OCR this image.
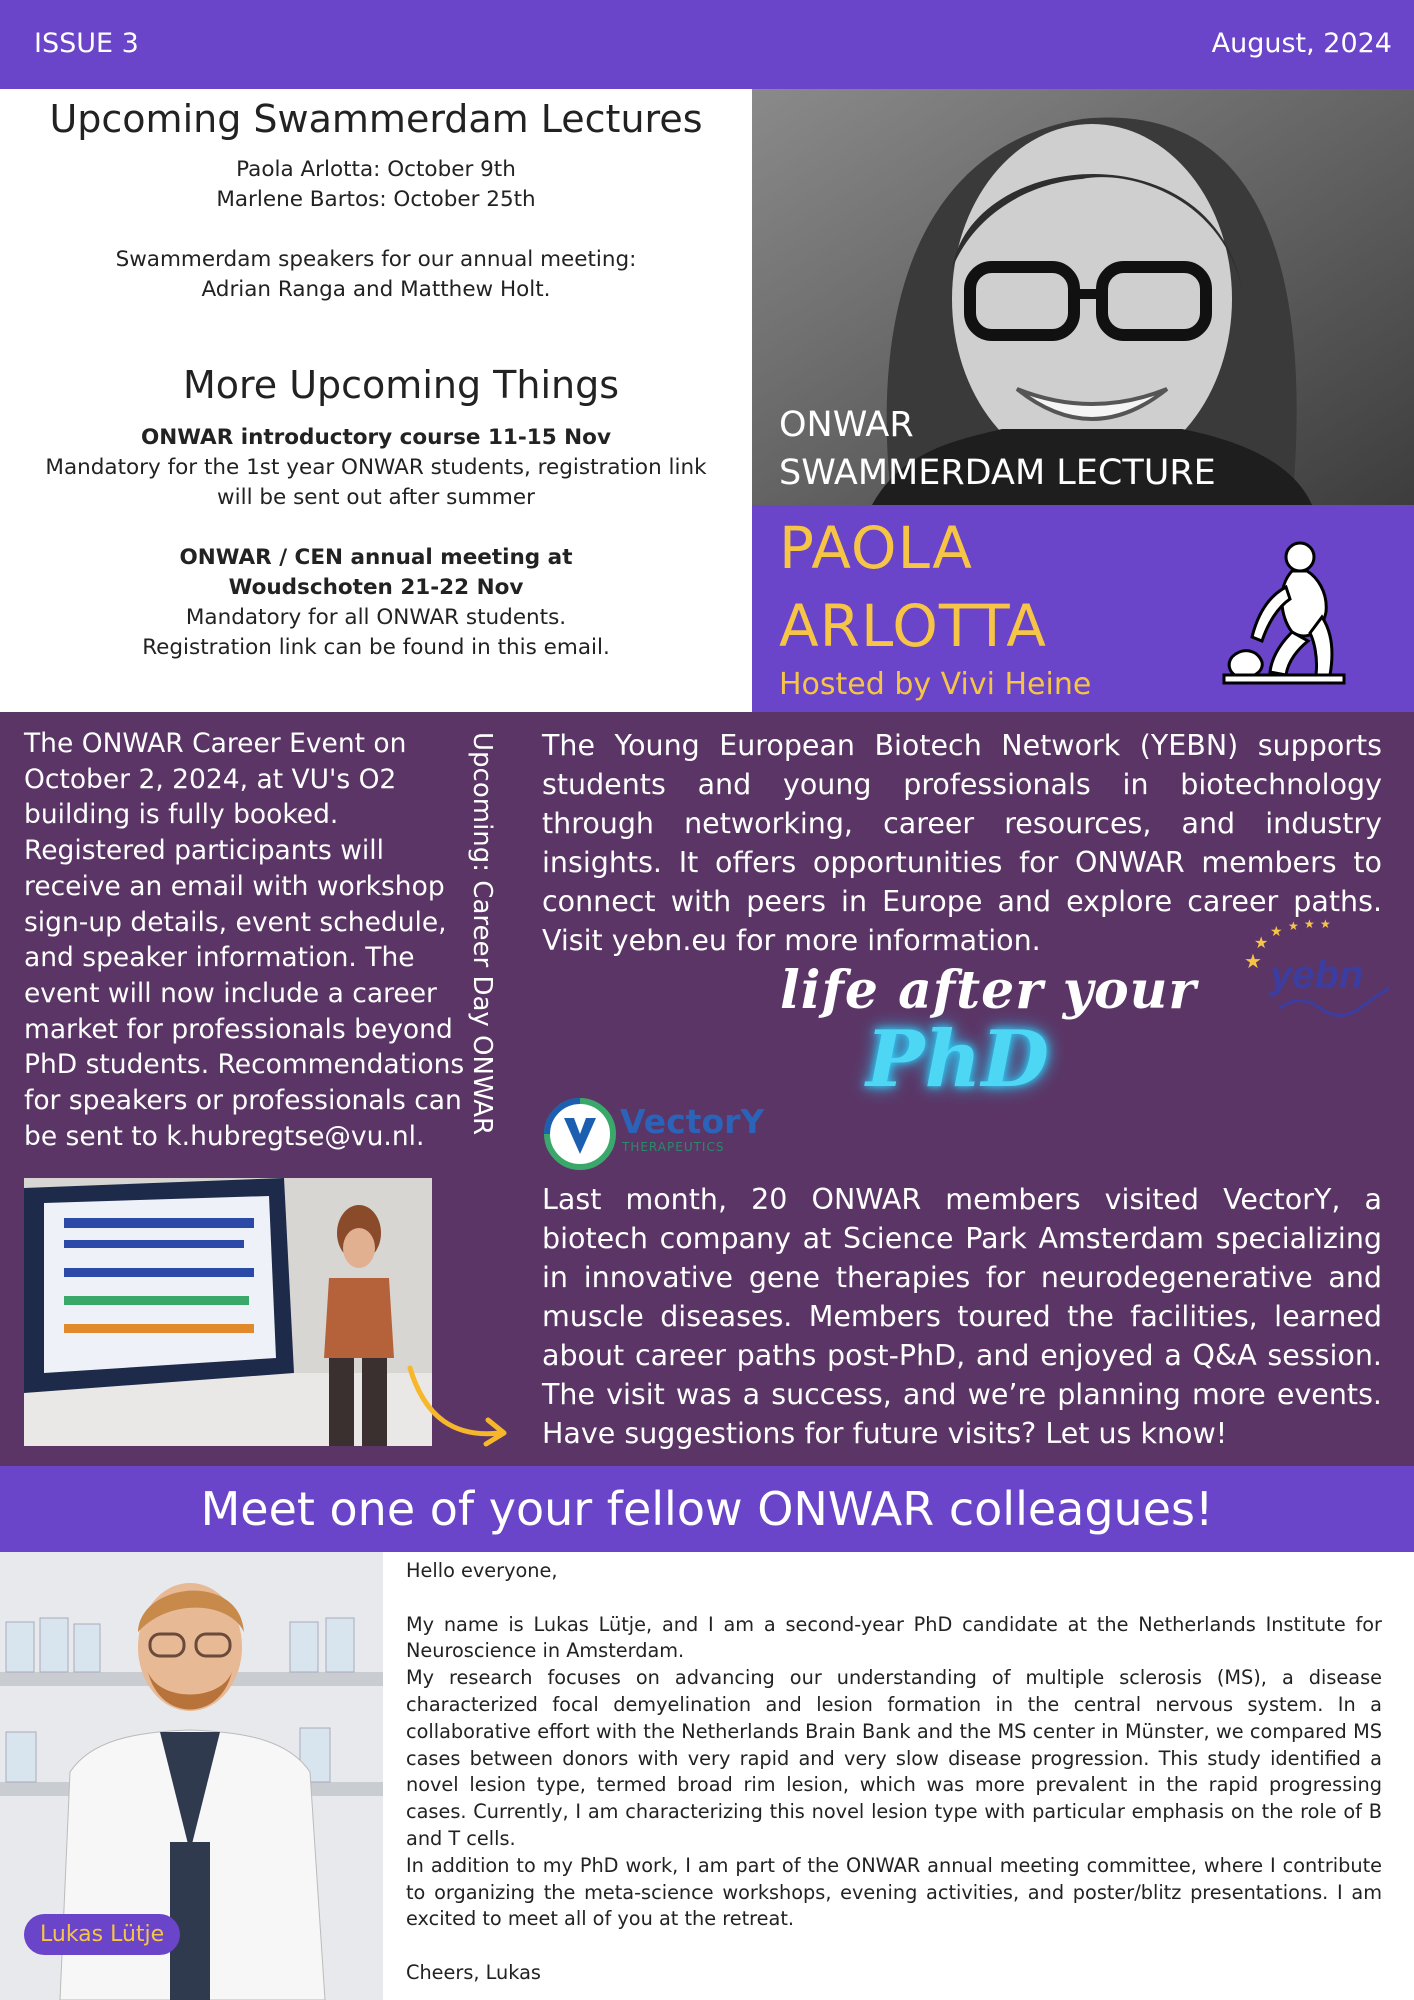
ISSUE 3	August, 2024
Upcoming Swammerdam Lectures

Paola Arlotta: October 9th

Marlene Bartos: October 25th

Swammerdam speakers for our annual meeting:

Adrian Ranga and Matthew Holt.

More Upcoming Things

ONWAR introductory course 11-15 Nov

Mandatory for the 1st year ONWAR students, registration link

will be sent out after summer

ONWAR / CEN annual meeting at

Woudschoten 21-22 Nov

Mandatory for all ONWAR students.

Registration link can be found in this email.

ONWAR
SWAMMERDAM LECTURE
PAOLA
ARLOTTA
Hosted by Vivi Heine
The ONWAR Career Event on October 2, 2024, at VU's O2 building is fully booked. Registered participants will receive an email with workshop sign-up details, event schedule, and speaker information. The event will now include a career market for professionals beyond PhD students. Recommendations for speakers or professionals can be sent to k.hubregtse@vu.nl.
Upcoming: Career Day ONWAR The Young European Biotech Network (YEBN) supports students and young professionals in biotechnology through networking, career resources, and industry insights. It offers opportunities for ONWAR members to connect with peers in Europe and explore career paths. Visit yebn.eu for more information.
★
★
★ ★ ★ ★
yebn
life after your
PhD
VectorY
THERAPEUTICS
Last month, 20 ONWAR members visited VectorY, a biotech company at Science Park Amsterdam specializing in innovative gene therapies for neurodegenerative and muscle diseases. Members toured the facilities, learned about career paths post-PhD, and enjoyed a Q&A session. The visit was a success, and we’re planning more events. Have suggestions for future visits? Let us know!
Meet one of your fellow ONWAR colleagues!
Lukas Lütje

Hello everyone,

My name is Lukas Lütje, and I am a second-year PhD candidate at the Netherlands Institute for Neuroscience in Amsterdam.

My research focuses on advancing our understanding of multiple sclerosis (MS), a disease characterized focal demyelination and lesion formation in the central nervous system. In a collaborative effort with the Netherlands Brain Bank and the MS center in Münster, we compared MS cases between donors with very rapid and very slow disease progression. This study identified a novel lesion type, termed broad rim lesion, which was more prevalent in the rapid progressing cases. Currently, I am characterizing this novel lesion type with particular emphasis on the role of B and T cells.

In addition to my PhD work, I am part of the ONWAR annual meeting committee, where I contribute to organizing the meta-science workshops, evening activities, and poster/blitz presentations. I am excited to meet all of you at the retreat.

Cheers, Lukas
